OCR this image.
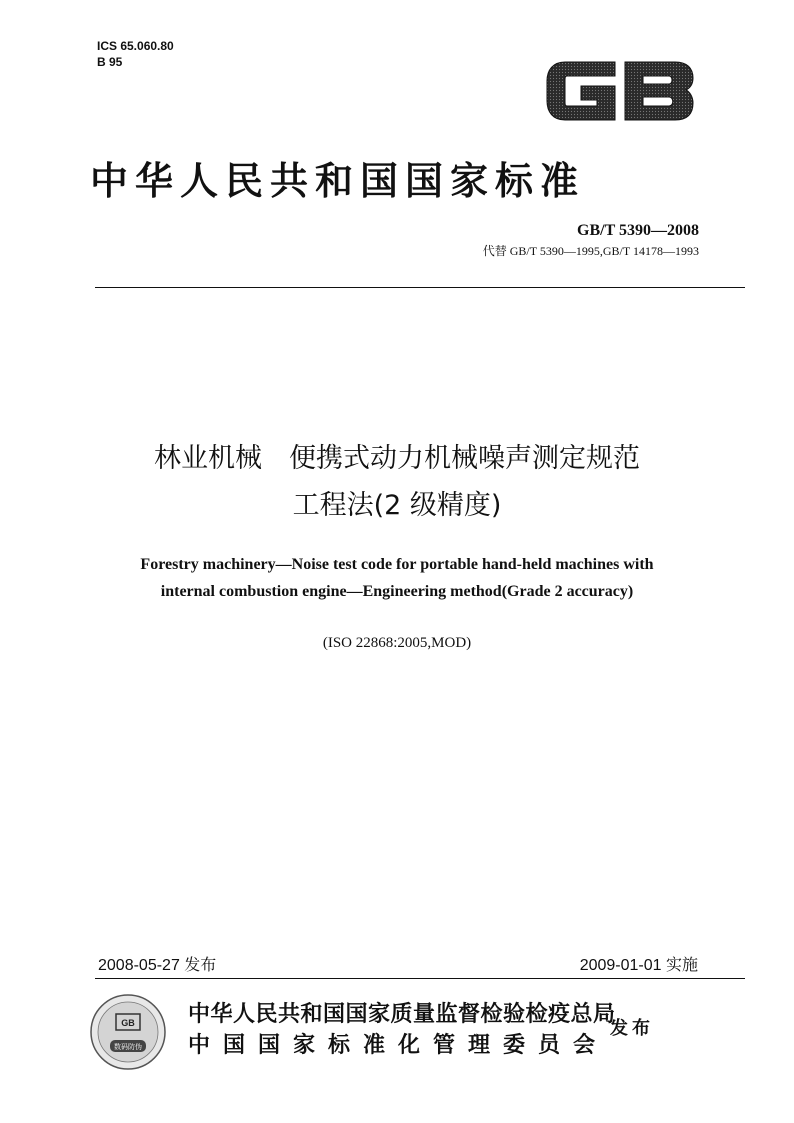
ICS 65.060.80
B 95
中华人民共和国国家标准
GB/T 5390—2008
代替 GB/T 5390—1995,GB/T 14178—1993
林业机械　便携式动力机械噪声测定规范
工程法(2 级精度)
Forestry machinery—Noise test code for portable hand-held machines with
internal combustion engine—Engineering method(Grade 2 accuracy)
(ISO 22868:2005,MOD)
2008-05-27 发布	2009-01-01 实施
GB
数码防伪
中华人民共和国国家质量监督检验检疫总局
中国国家标准化管理委员会
发布
